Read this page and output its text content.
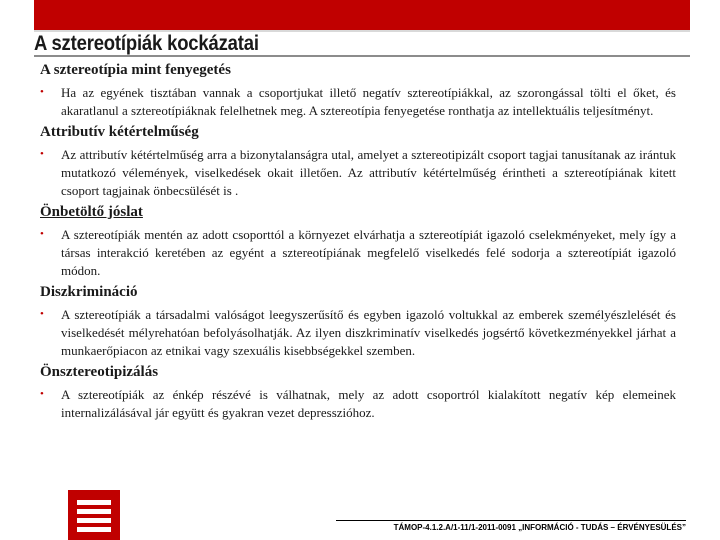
A sztereotípiák kockázatai
A sztereotípia mint fenyegetés
•	Ha az egyének tisztában vannak a csoportjukat illető negatív sztereotípiákkal, az szorongással tölti el őket, és akaratlanul a sztereotípiáknak felelhetnek meg. A sztereotípia fenyegetése ronthatja az intellektuális teljesítményt.
Attributív kétértelműség
•	Az attributív kétértelműség arra a bizonytalanságra utal, amelyet a sztereotipizált csoport tagjai tanusítanak az irántuk mutatkozó vélemények, viselkedések okait illetően. Az attributív kétértelműség érintheti a sztereotípiának kitett csoport tagjainak önbecsülését is .
Önbetöltő jóslat
•	A sztereotípiák mentén az adott csoporttól a környezet elvárhatja a sztereotípiát igazoló cselekményeket, mely így a társas interakció keretében az egyént a sztereotípiának megfelelő viselkedés felé sodorja a sztereotípiát igazoló módon.
Diszkrimináció
•	A sztereotípiák a társadalmi valóságot leegyszerűsítő és egyben igazoló voltukkal az emberek személyészlelését és viselkedését mélyrehatóan befolyásolhatják. Az ilyen diszkriminatív viselkedés jogsértő következményekkel járhat a munkaerőpiacon az etnikai vagy szexuális kisebbségekkel szemben.
Önsztereotipizálás
•	A sztereotípiák az énkép részévé is válhatnak, mely az adott csoportról kialakított negatív kép elemeinek internalizálásával jár együtt és gyakran vezet depresszióhoz.
TÁMOP-4.1.2.A/1-11/1-2011-0091 „INFORMÁCIÓ - TUDÁS – ÉRVÉNYESÜLÉS”
